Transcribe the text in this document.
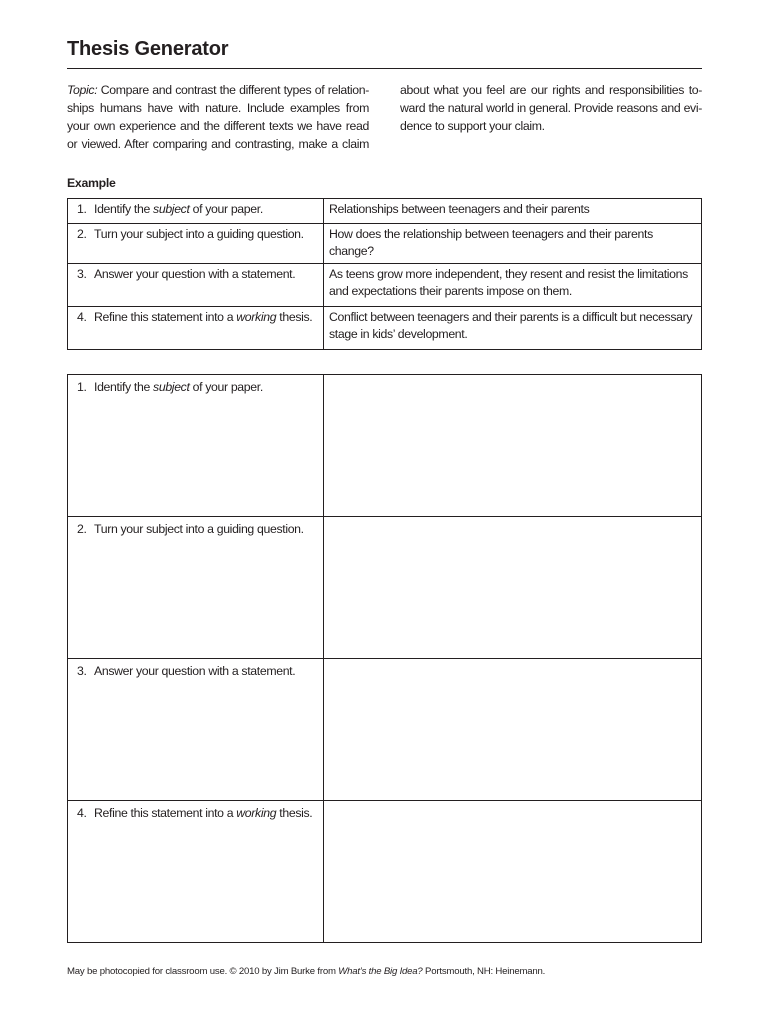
Thesis Generator
Topic: Compare and contrast the different types of relation-
ships humans have with nature. Include examples from
your own experience and the different texts we have read
or viewed. After comparing and contrasting, make a claim
about what you feel are our rights and responsibilities to-
ward the natural world in general. Provide reasons and evi-
dence to support your claim.
Example
1. Identify the subject of your paper.	Relationships between teenagers and their parents
2. Turn your subject into a guiding question.	How does the relationship between teenagers and their parents change?
3. Answer your question with a statement.	As teens grow more independent, they resent and resist the limitations and expectations their parents impose on them.
4. Refine this statement into a working thesis.	Conflict between teenagers and their parents is a difficult but necessary stage in kids’ development.
1. Identify the subject of your paper.	
2. Turn your subject into a guiding question.	
3. Answer your question with a statement.	
4. Refine this statement into a working thesis.	
May be photocopied for classroom use. © 2010 by Jim Burke from What’s the Big Idea? Portsmouth, NH: Heinemann.
